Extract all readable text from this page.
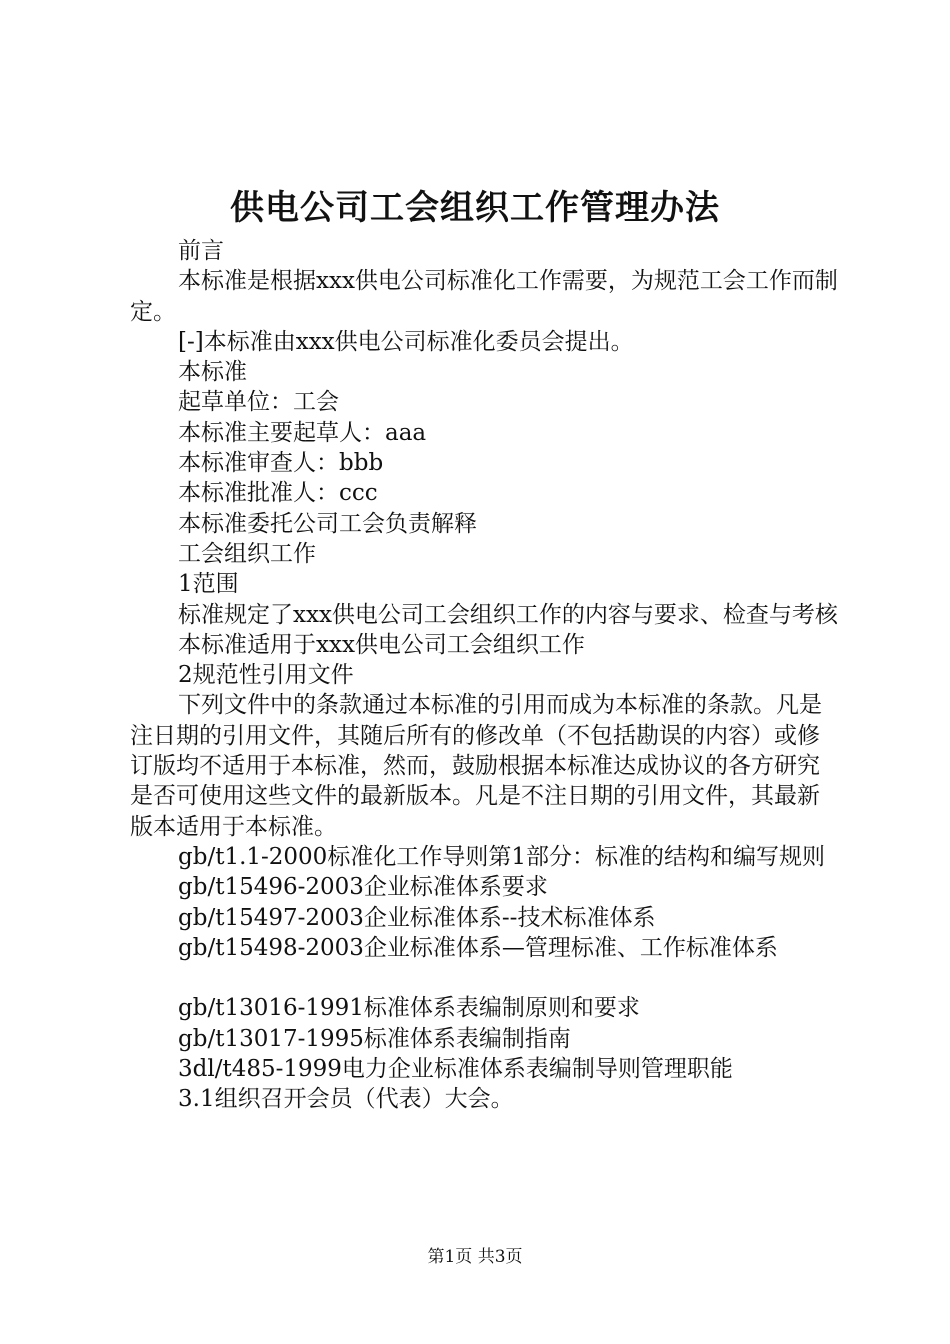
供电公司工会组织工作管理办法

前言

本标准是根据xxx供电公司标准化工作需要，为规范工会工作而制定。

[-]本标准由xxx供电公司标准化委员会提出。

本标准

起草单位：工会

本标准主要起草人：aaa

本标准审查人：bbb

本标准批准人：ccc

本标准委托公司工会负责解释

工会组织工作

1范围

标准规定了xxx供电公司工会组织工作的内容与要求、检查与考核

本标准适用于xxx供电公司工会组织工作

2规范性引用文件

下列文件中的条款通过本标准的引用而成为本标准的条款。凡是注日期的引用文件，其随后所有的修改单（不包括勘误的内容）或修订版均不适用于本标准，然而，鼓励根据本标准达成协议的各方研究是否可使用这些文件的最新版本。凡是不注日期的引用文件，其最新版本适用于本标准。

gb/t1.1-2000标准化工作导则第1部分：标准的结构和编写规则

gb/t15496-2003企业标准体系要求

gb/t15497-2003企业标准体系--技术标准体系

gb/t15498-2003企业标准体系—管理标准、工作标准体系

gb/t13016-1991标准体系表编制原则和要求

gb/t13017-1995标准体系表编制指南

3dl/t485-1999电力企业标准体系表编制导则管理职能

3.1组织召开会员（代表）大会。

第1页 共3页
